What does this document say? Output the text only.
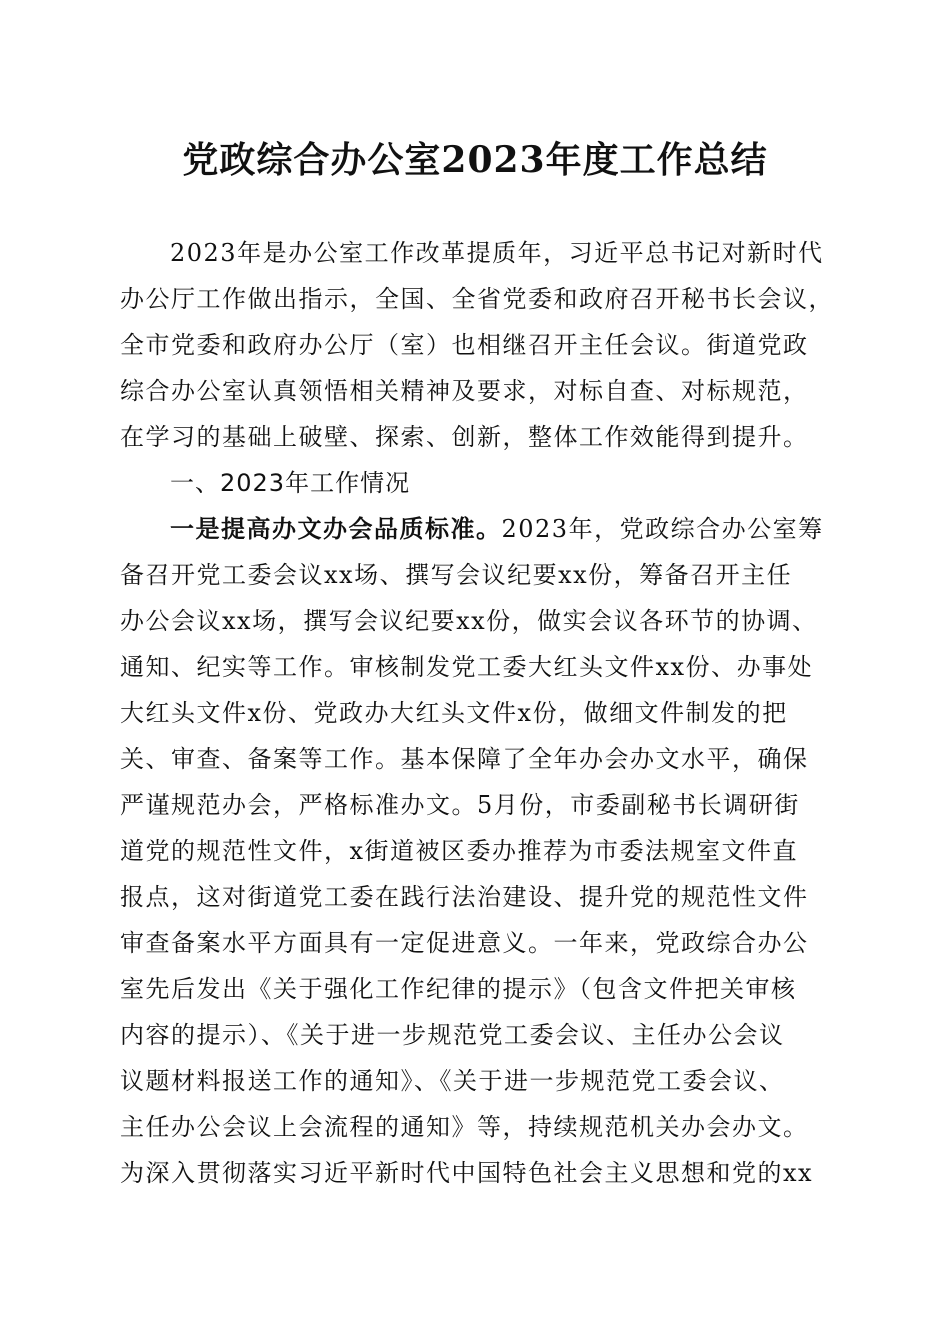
党政综合办公室2023年度工作总结
2023年是办公室工作改革提质年，习近平总书记对新时代
办公厅工作做出指示，全国、全省党委和政府召开秘书长会议，
全市党委和政府办公厅（室）也相继召开主任会议。街道党政
综合办公室认真领悟相关精神及要求，对标自查、对标规范，
在学习的基础上破壁、探索、创新，整体工作效能得到提升。
一、2023年工作情况
一是提高办文办会品质标准。2023年，党政综合办公室筹
备召开党工委会议xx场、撰写会议纪要xx份，筹备召开主任
办公会议xx场，撰写会议纪要xx份，做实会议各环节的协调、
通知、纪实等工作。审核制发党工委大红头文件xx份、办事处
大红头文件x份、党政办大红头文件x份，做细文件制发的把
关、审查、备案等工作。基本保障了全年办会办文水平，确保
严谨规范办会，严格标准办文。5月份，市委副秘书长调研街
道党的规范性文件，x街道被区委办推荐为市委法规室文件直
报点，这对街道党工委在践行法治建设、提升党的规范性文件
审查备案水平方面具有一定促进意义。一年来，党政综合办公
室先后发出《关于强化工作纪律的提示》（包含文件把关审核
内容的提示）、《关于进一步规范党工委会议、主任办公会议
议题材料报送工作的通知》、《关于进一步规范党工委会议、
主任办公会议上会流程的通知》等，持续规范机关办会办文。
为深入贯彻落实习近平新时代中国特色社会主义思想和党的xx
